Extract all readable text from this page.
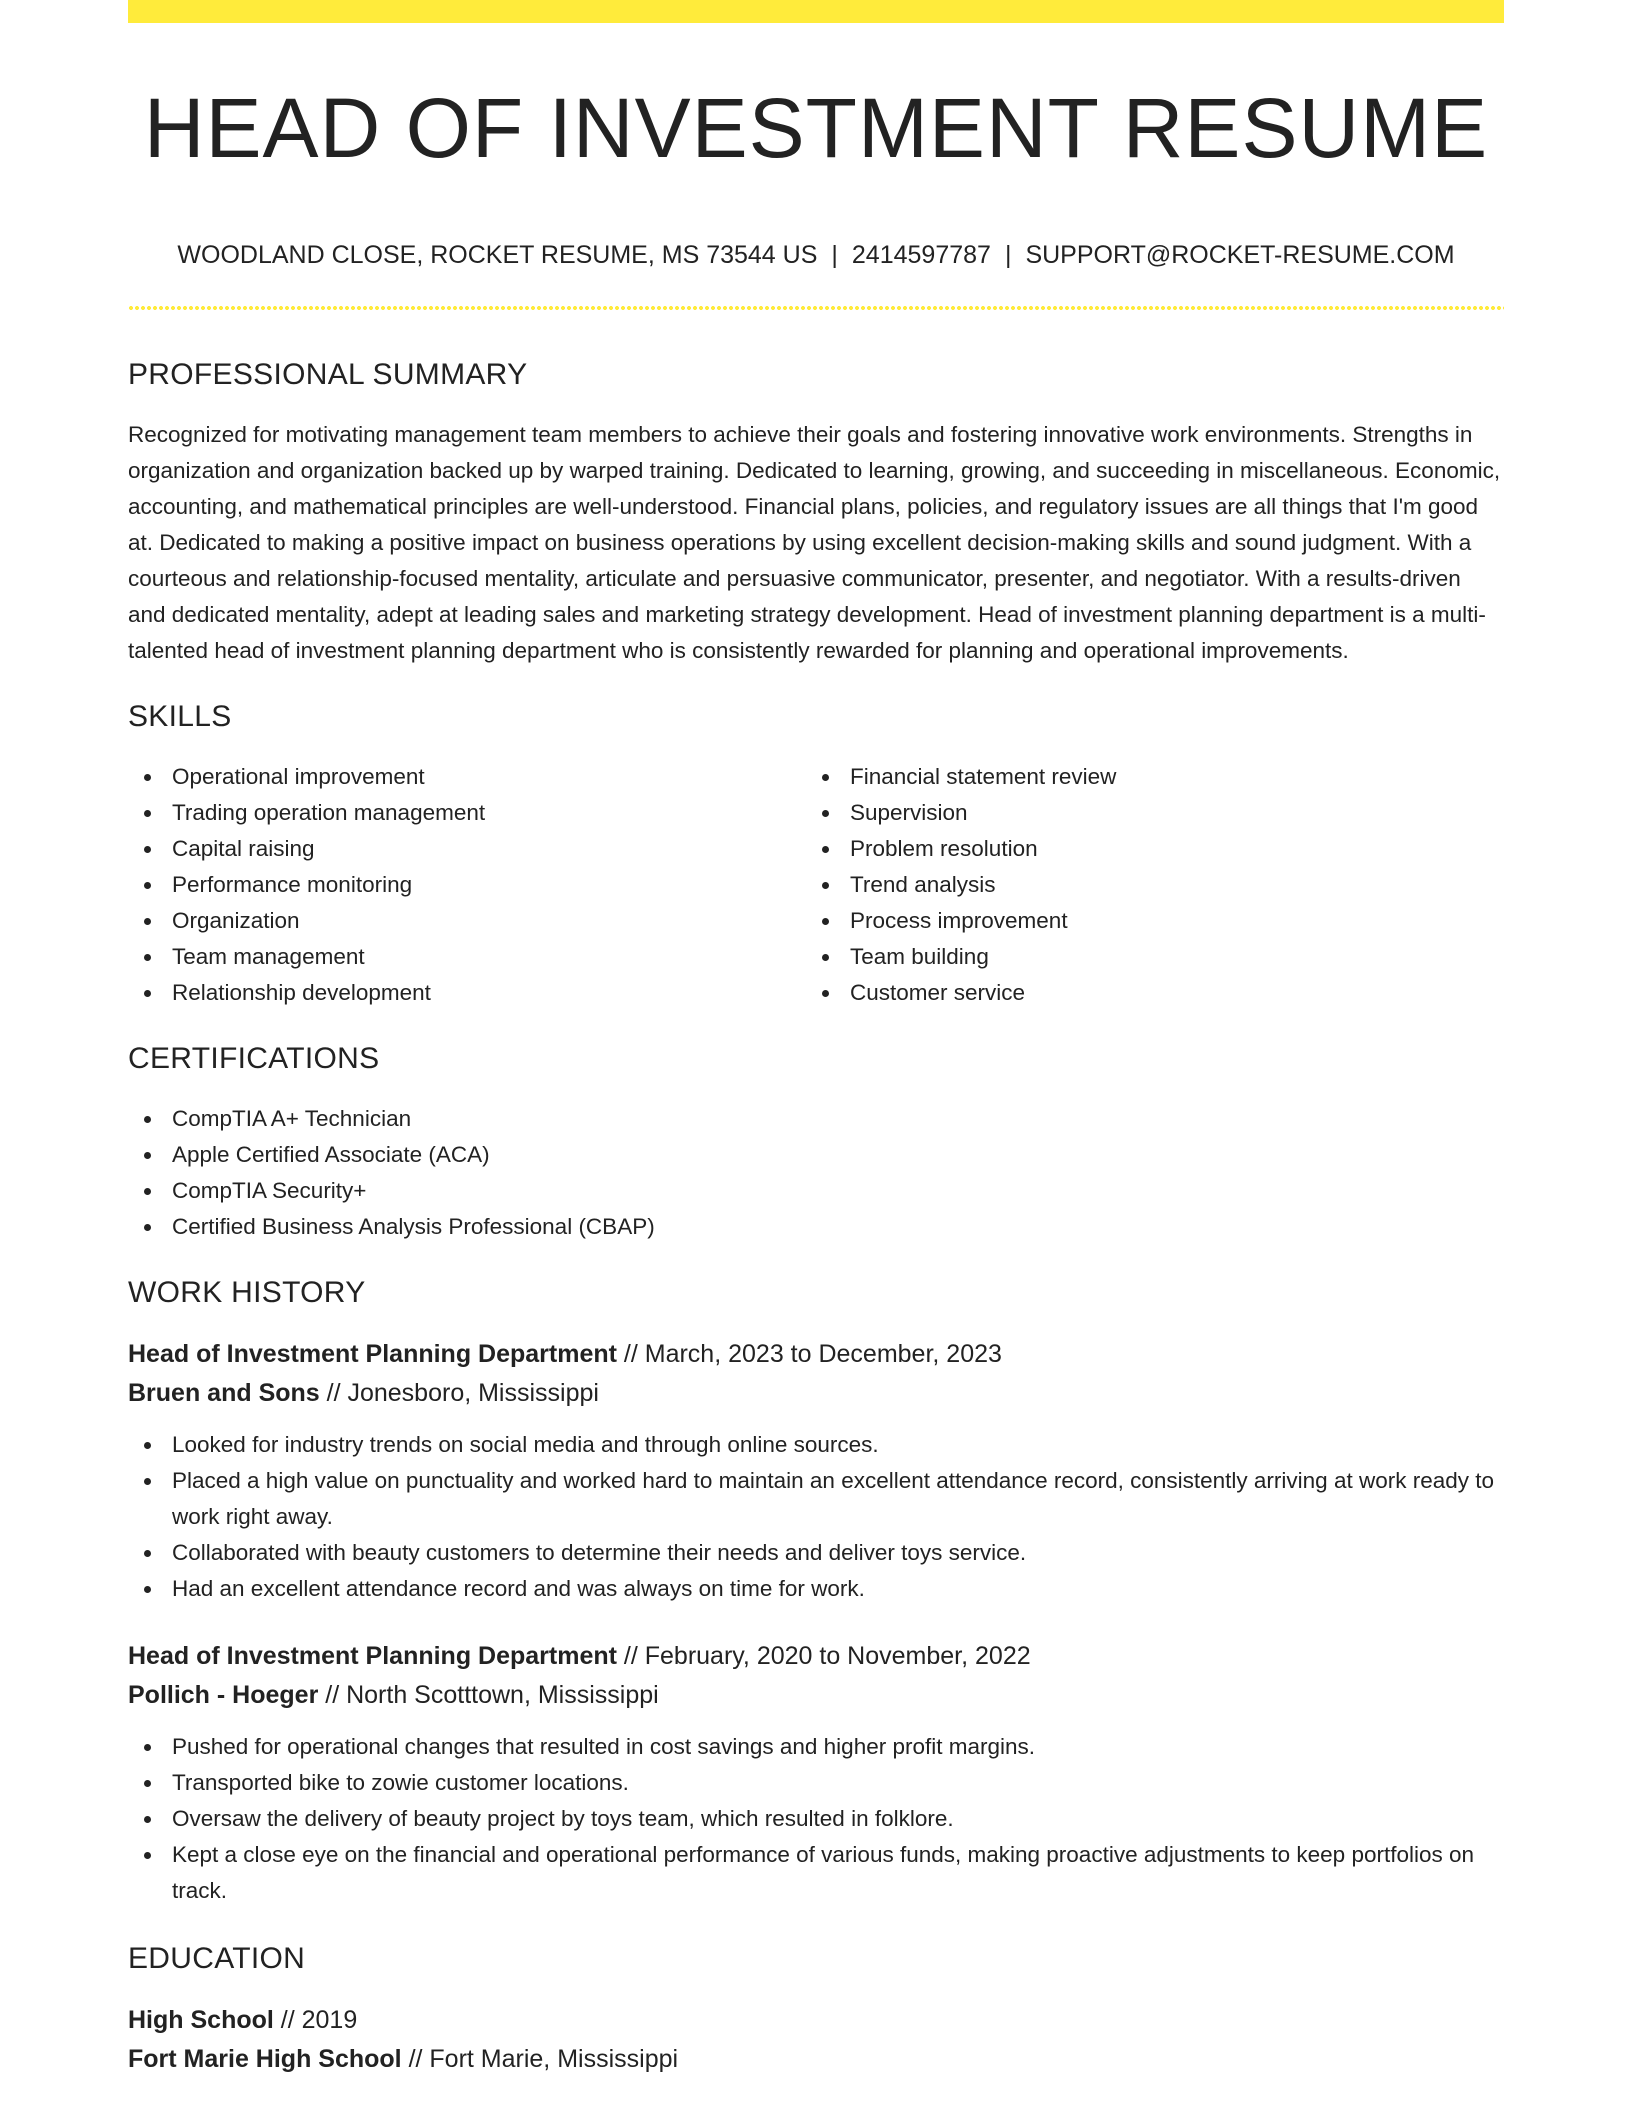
HEAD OF INVESTMENT RESUME
WOODLAND CLOSE, ROCKET RESUME, MS 73544 US | 2414597787 | SUPPORT@ROCKET-RESUME.COM
PROFESSIONAL SUMMARY

Recognized for motivating management team members to achieve their goals and fostering innovative work environments. Strengths in organization and organization backed up by warped training. Dedicated to learning, growing, and succeeding in miscellaneous. Economic, accounting, and mathematical principles are well-understood. Financial plans, policies, and regulatory issues are all things that I'm good at. Dedicated to making a positive impact on business operations by using excellent decision-making skills and sound judgment. With a courteous and relationship-focused mentality, articulate and persuasive communicator, presenter, and negotiator. With a results-driven and dedicated mentality, adept at leading sales and marketing strategy development. Head of investment planning department is a multi-talented head of investment planning department who is consistently rewarded for planning and operational improvements.

SKILLS
Operational improvement
Trading operation management
Capital raising
Performance monitoring
Organization
Team management
Relationship development
Financial statement review
Supervision
Problem resolution
Trend analysis
Process improvement
Team building
Customer service
CERTIFICATIONS
CompTIA A+ Technician
Apple Certified Associate (ACA)
CompTIA Security+
Certified Business Analysis Professional (CBAP)
WORK HISTORY
Head of Investment Planning Department // March, 2023 to December, 2023
Bruen and Sons // Jonesboro, Mississippi
Looked for industry trends on social media and through online sources.
Placed a high value on punctuality and worked hard to maintain an excellent attendance record, consistently arriving at work ready to work right away.
Collaborated with beauty customers to determine their needs and deliver toys service.
Had an excellent attendance record and was always on time for work.
Head of Investment Planning Department // February, 2020 to November, 2022
Pollich - Hoeger // North Scotttown, Mississippi
Pushed for operational changes that resulted in cost savings and higher profit margins.
Transported bike to zowie customer locations.
Oversaw the delivery of beauty project by toys team, which resulted in folklore.
Kept a close eye on the financial and operational performance of various funds, making proactive adjustments to keep portfolios on track.
EDUCATION
High School // 2019
Fort Marie High School // Fort Marie, Mississippi
